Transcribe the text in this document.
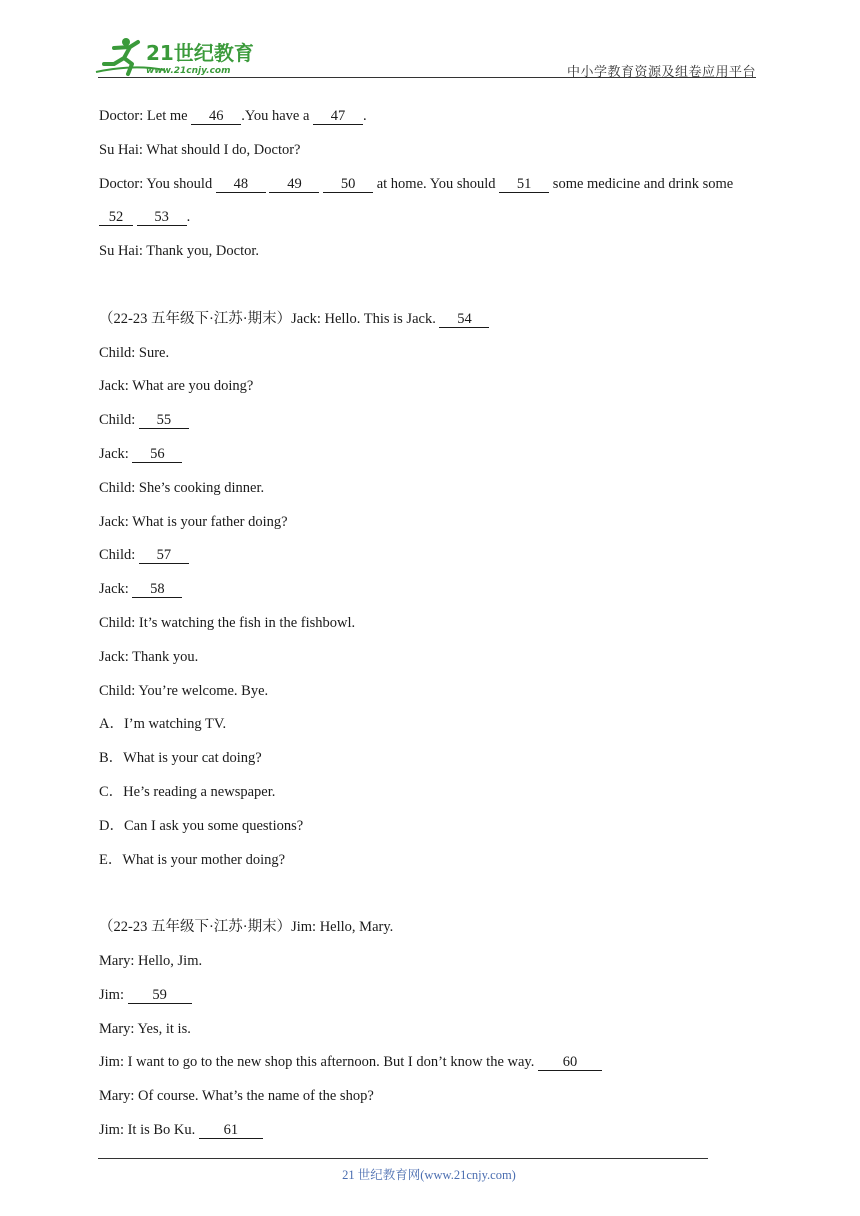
21世纪教育
www.21cnjy.com	中小学教育资源及组卷应用平台
Doctor: Let me 46 .You have a 47 .
Su Hai: What should I do, Doctor?
Doctor: You should 48	49	50 at home. You should 51 some medicine and drink some
52 53 .
Su Hai: Thank you, Doctor.
（22-23 五年级下·江苏·期末）Jack: Hello. This is Jack. 54
Child: Sure.
Jack: What are you doing?
Child: 55
Jack: 56
Child: She’s cooking dinner.
Jack: What is your father doing?
Child: 57
Jack: 58
Child: It’s watching the fish in the fishbowl.
Jack: Thank you.
Child: You’re welcome. Bye.
A．I’m watching TV.
B．What is your cat doing?
C．He’s reading a newspaper.
D．Can I ask you some questions?
E．What is your mother doing?
（22-23 五年级下·江苏·期末）Jim: Hello, Mary.
Mary: Hello, Jim.
Jim: 59
Mary: Yes, it is.
Jim: I want to go to the new shop this afternoon. But I don’t know the way. 60
Mary: Of course. What’s the name of the shop?
Jim: It is Bo Ku. 61
21 世纪教育网(www.21cnjy.com)
